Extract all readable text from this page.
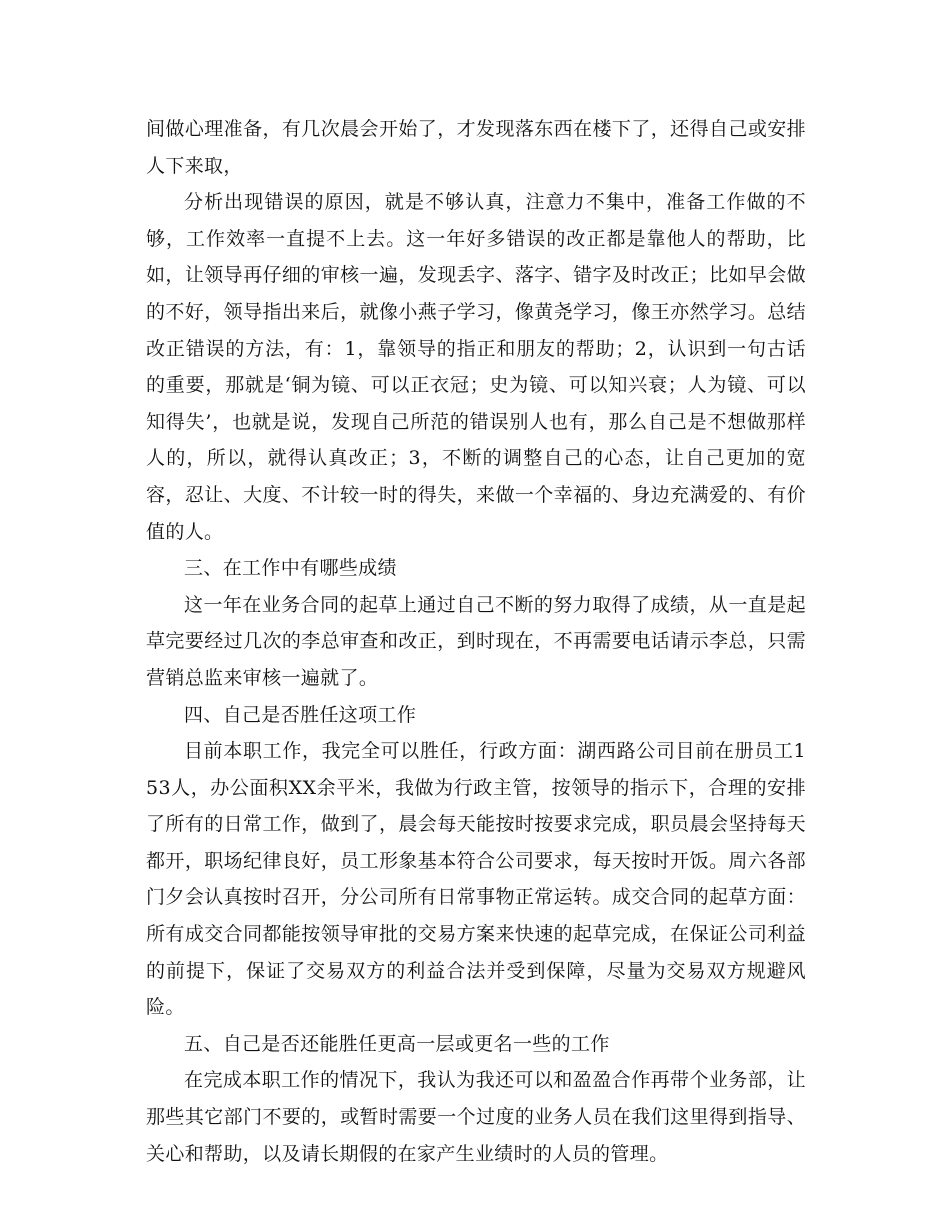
间做心理准备，有几次晨会开始了，才发现落东西在楼下了，还得自己或安排人下来取，

分析出现错误的原因，就是不够认真，注意力不集中，准备工作做的不够，工作效率一直提不上去。这一年好多错误的改正都是靠他人的帮助，比如，让领导再仔细的审核一遍，发现丢字、落字、错字及时改正；比如早会做的不好，领导指出来后，就像小燕子学习，像黄尧学习，像王亦然学习。总结改正错误的方法，有：1，靠领导的指正和朋友的帮助；2，认识到一句古话的重要，那就是‘铜为镜、可以正衣冠；史为镜、可以知兴衰；人为镜、可以知得失’，也就是说，发现自己所范的错误别人也有，那么自己是不想做那样人的，所以，就得认真改正；3，不断的调整自己的心态，让自己更加的宽容，忍让、大度、不计较一时的得失，来做一个幸福的、身边充满爱的、有价值的人。

三、在工作中有哪些成绩

这一年在业务合同的起草上通过自己不断的努力取得了成绩，从一直是起草完要经过几次的李总审查和改正，到时现在，不再需要电话请示李总，只需营销总监来审核一遍就了。

四、自己是否胜任这项工作

目前本职工作，我完全可以胜任，行政方面：湖西路公司目前在册员工153人，办公面积XX余平米，我做为行政主管，按领导的指示下，合理的安排了所有的日常工作，做到了，晨会每天能按时按要求完成，职员晨会坚持每天都开，职场纪律良好，员工形象基本符合公司要求，每天按时开饭。周六各部门夕会认真按时召开，分公司所有日常事物正常运转。成交合同的起草方面：所有成交合同都能按领导审批的交易方案来快速的起草完成，在保证公司利益的前提下，保证了交易双方的利益合法并受到保障，尽量为交易双方规避风险。

五、自己是否还能胜任更高一层或更名一些的工作

在完成本职工作的情况下，我认为我还可以和盈盈合作再带个业务部，让那些其它部门不要的，或暂时需要一个过度的业务人员在我们这里得到指导、关心和帮助，以及请长期假的在家产生业绩时的人员的管理。
